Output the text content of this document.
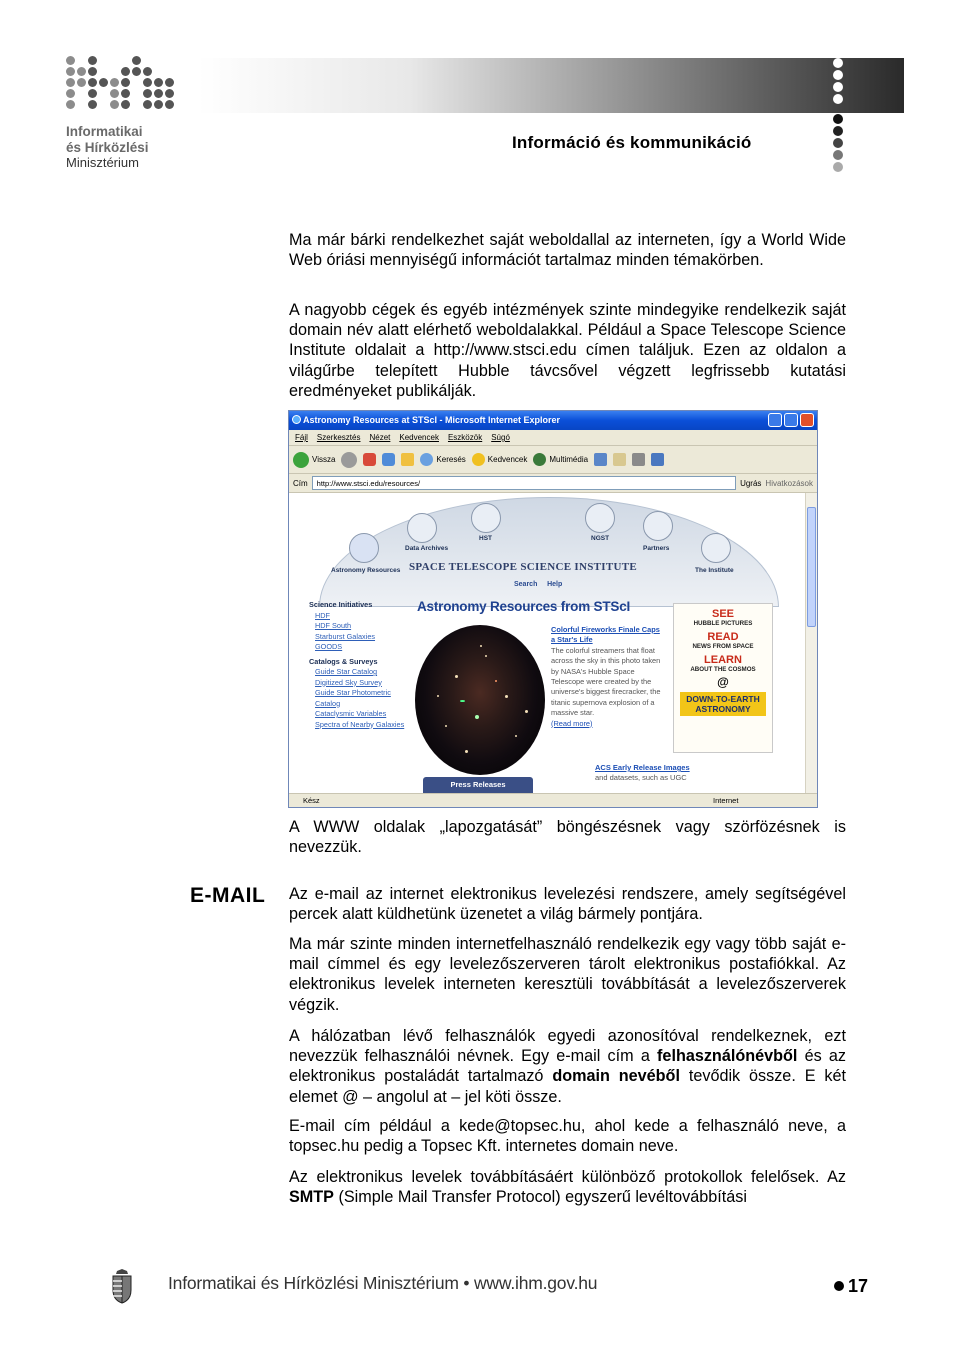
Informatikai
és Hírközlési
Minisztérium
Információ és kommunikáció

Ma már bárki rendelkezhet saját weboldallal az interneten, így a World Wide Web óriási mennyiségű információt tartalmaz minden témakörben.

A nagyobb cégek és egyéb intézmények szinte mindegyike rendelkezik saját domain név alatt elérhető weboldalakkal. Például a Space Telescope Science Institute oldalait a http://www.stsci.edu címen találjuk. Ezen az oldalon a világűrbe telepített Hubble távcsővel végzett legfrissebb kutatási eredményeket publikálják.

Astronomy Resources at STScI - Microsoft Internet Explorer
Fájl Szerkesztés Nézet Kedvencek Eszközök Súgó
Vissza	Keresés	Kedvencek	Multimédia
Cím	http://www.stsci.edu/resources/	Ugrás Hivatkozások
Astronomy Resources
Data Archives
HST	NGST
Partners
The Institute
SPACE TELESCOPE SCIENCE INSTITUTE
Search Help
Science Initiatives
HDF
HDF South
Starburst Galaxies
GOODS
Catalogs & Surveys
Guide Star Catalog
Digitized Sky Survey
Guide Star Photometric Catalog
Cataclysmic Variables
Spectra of Nearby Galaxies
Astronomy Resources from STScI
Colorful Fireworks Finale Caps a Star's Life
The colorful streamers that float across the sky in this photo taken by NASA's Hubble Space Telescope were created by the universe's biggest firecracker, the titanic supernova explosion of a massive star.
(Read more)
SEE
HUBBLE PICTURES
READ
NEWS FROM SPACE
LEARN
ABOUT THE COSMOS
@
DOWN-TO-EARTH ASTRONOMY
Press Releases
ACS Early Release Images
and datasets, such as UGC
Kész	Internet

A WWW oldalak „lapozgatását” böngészésnek vagy szörfözésnek is nevezzük.

E-MAIL Az e-mail az internet elektronikus levelezési rendszere, amely segítségével percek alatt küldhetünk üzenetet a világ bármely pontjára.

Ma már szinte minden internetfelhasználó rendelkezik egy vagy több saját e-mail címmel és egy levelezőszerveren tárolt elektronikus postafiókkal. Az elektronikus levelek interneten keresztüli továbbítását a levelezőszerverek végzik.

A hálózatban lévő felhasználók egyedi azonosítóval rendelkeznek, ezt nevezzük felhasználói névnek. Egy e-mail cím a felhasználónévből és az elektronikus postaládát tartalmazó domain nevéből tevődik össze. E két elemet @ – angolul at – jel köti össze.

E-mail cím például a kede@topsec.hu, ahol kede a felhasználó neve, a topsec.hu pedig a Topsec Kft. internetes domain neve.

Az elektronikus levelek továbbításáért különböző protokollok felelősek. Az SMTP (Simple Mail Transfer Protocol) egyszerű levéltovábbítási

Informatikai és Hírközlési Minisztérium • www.ihm.gov.hu	17
